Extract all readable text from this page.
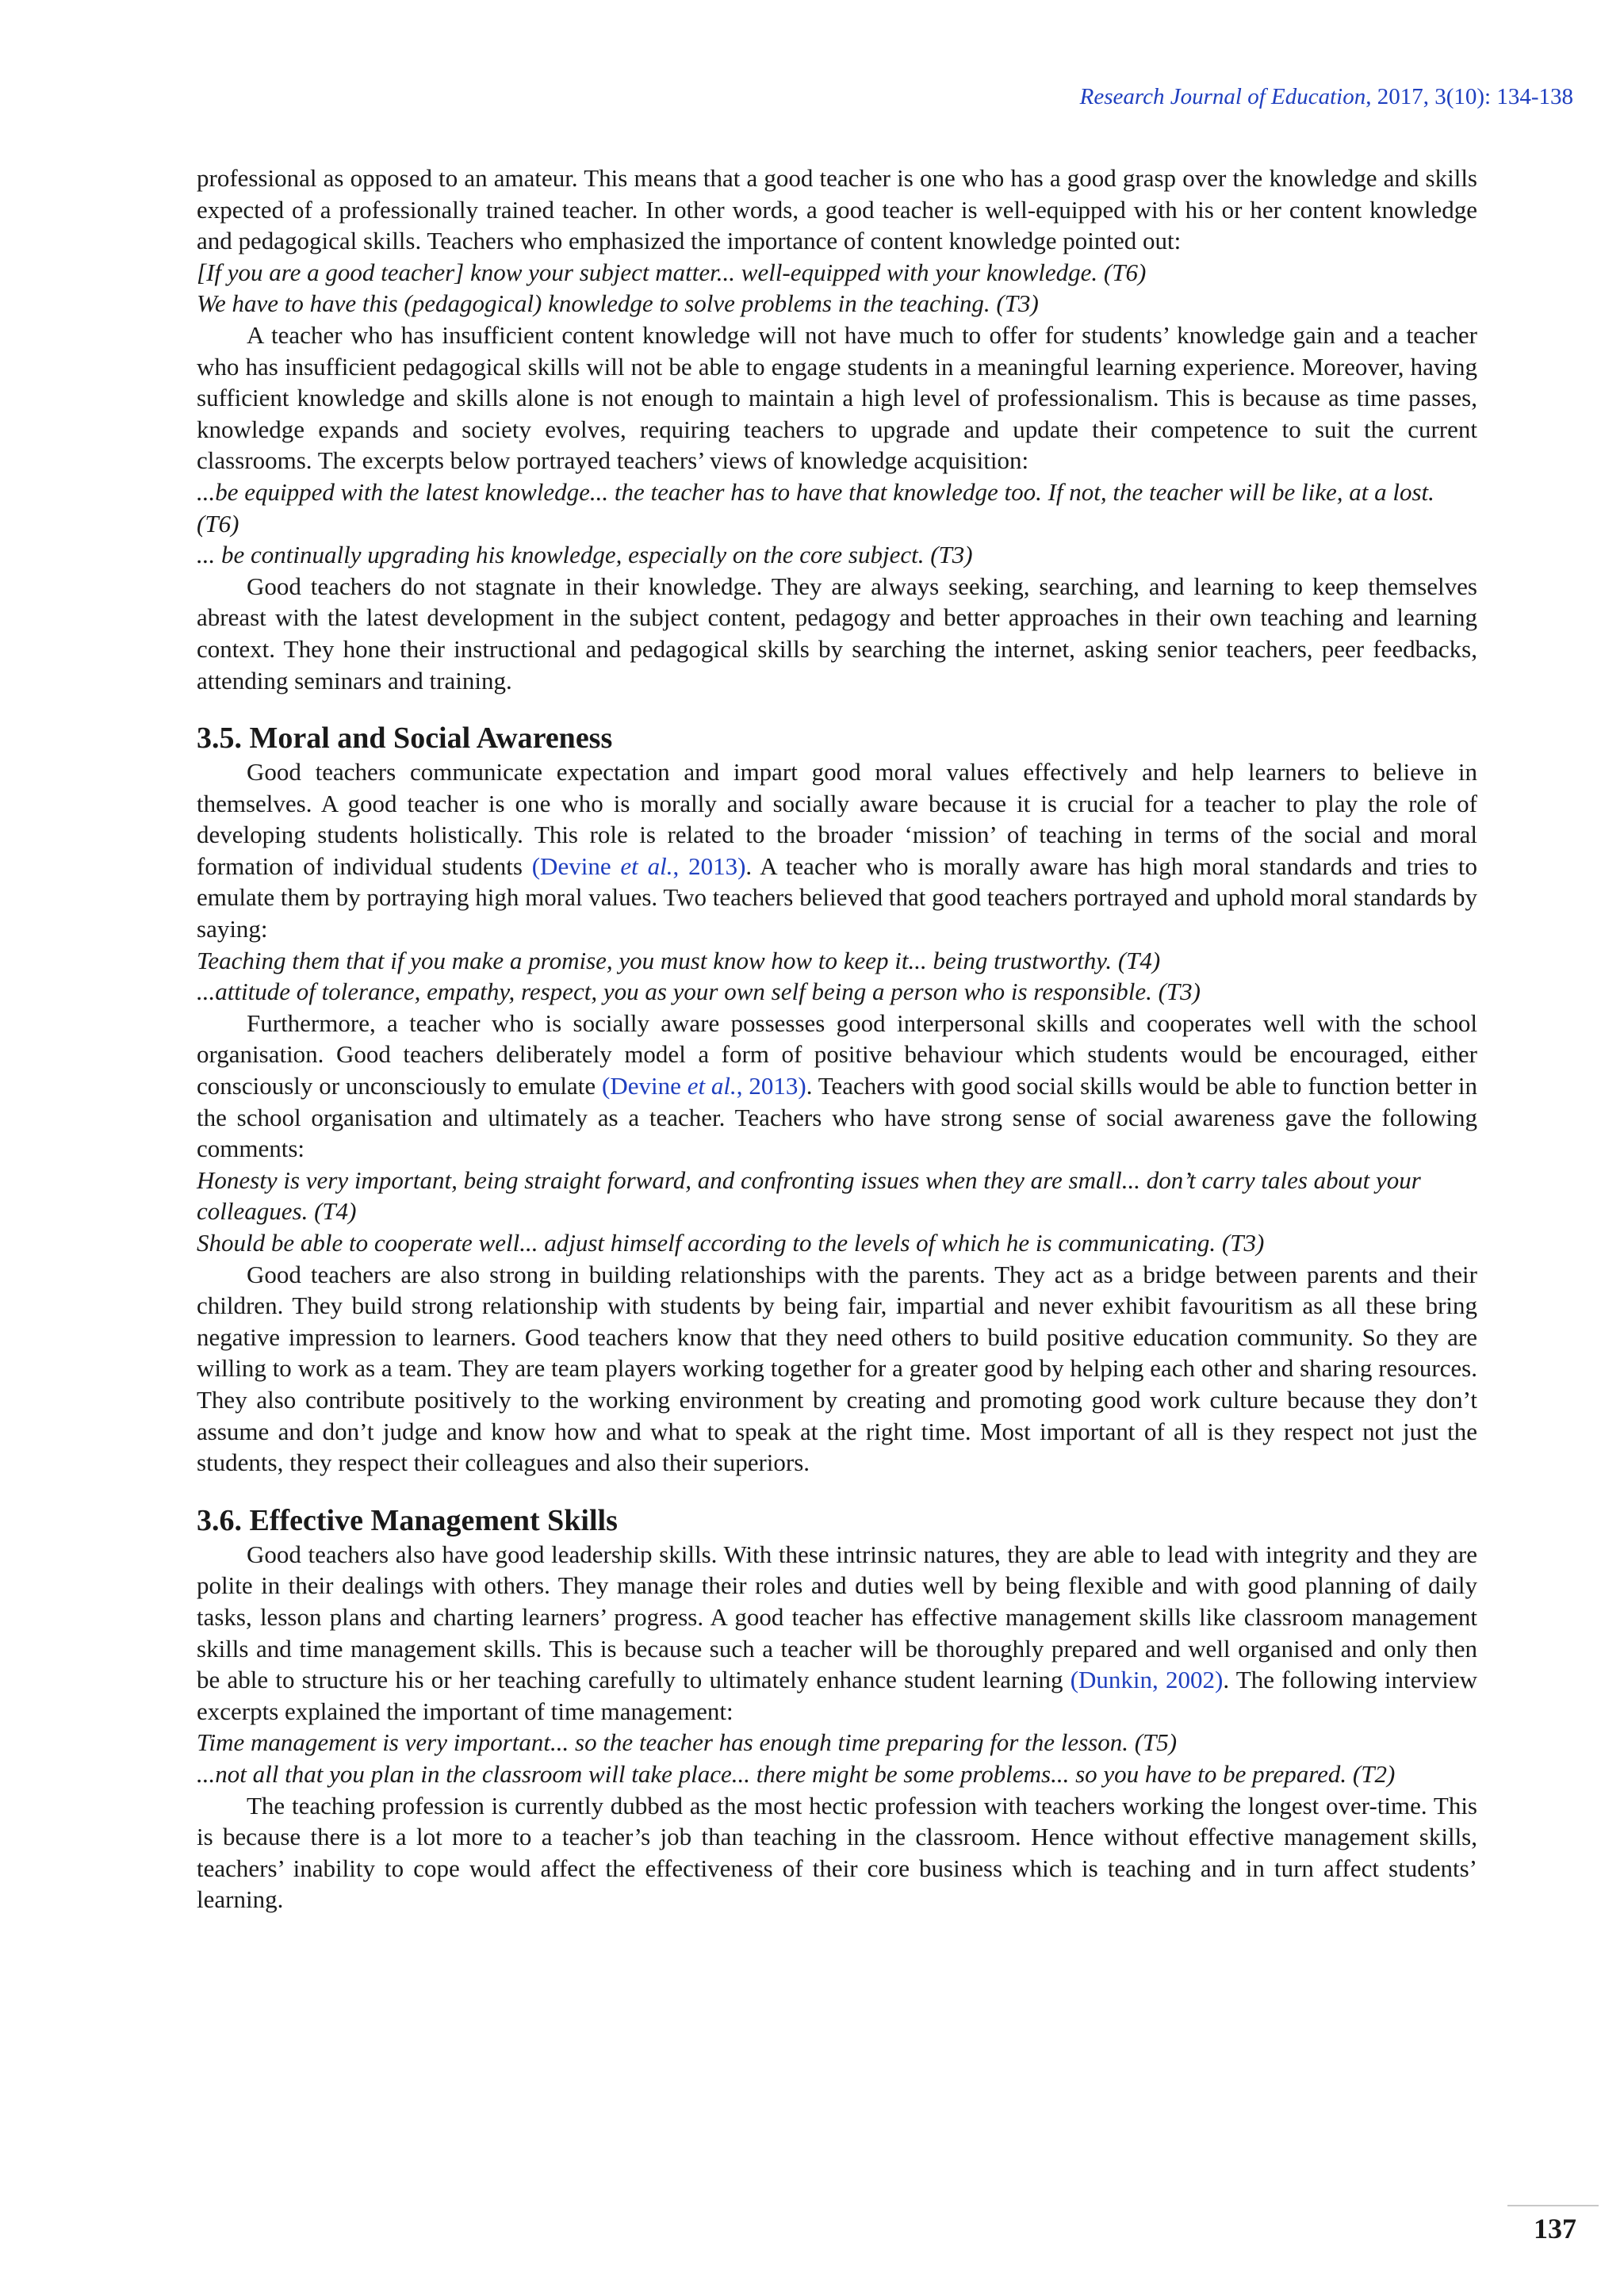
Research Journal of Education, 2017, 3(10): 134-138

professional as opposed to an amateur. This means that a good teacher is one who has a good grasp over the knowledge and skills expected of a professionally trained teacher. In other words, a good teacher is well-equipped with his or her content knowledge and pedagogical skills. Teachers who emphasized the importance of content knowledge pointed out:

[If you are a good teacher] know your subject matter... well-equipped with your knowledge. (T6)

We have to have this (pedagogical) knowledge to solve problems in the teaching. (T3)

A teacher who has insufficient content knowledge will not have much to offer for students’ knowledge gain and a teacher who has insufficient pedagogical skills will not be able to engage students in a meaningful learning experience. Moreover, having sufficient knowledge and skills alone is not enough to maintain a high level of professionalism. This is because as time passes, knowledge expands and society evolves, requiring teachers to upgrade and update their competence to suit the current classrooms. The excerpts below portrayed teachers’ views of knowledge acquisition:

...be equipped with the latest knowledge... the teacher has to have that knowledge too. If not, the teacher will be like, at a lost. (T6)

... be continually upgrading his knowledge, especially on the core subject. (T3)

Good teachers do not stagnate in their knowledge. They are always seeking, searching, and learning to keep themselves abreast with the latest development in the subject content, pedagogy and better approaches in their own teaching and learning context. They hone their instructional and pedagogical skills by searching the internet, asking senior teachers, peer feedbacks, attending seminars and training.

3.5. Moral and Social Awareness

Good teachers communicate expectation and impart good moral values effectively and help learners to believe in themselves. A good teacher is one who is morally and socially aware because it is crucial for a teacher to play the role of developing students holistically. This role is related to the broader ‘mission’ of teaching in terms of the social and moral formation of individual students (Devine et al., 2013). A teacher who is morally aware has high moral standards and tries to emulate them by portraying high moral values. Two teachers believed that good teachers portrayed and uphold moral standards by saying:

Teaching them that if you make a promise, you must know how to keep it... being trustworthy. (T4)

...attitude of tolerance, empathy, respect, you as your own self being a person who is responsible. (T3)

Furthermore, a teacher who is socially aware possesses good interpersonal skills and cooperates well with the school organisation. Good teachers deliberately model a form of positive behaviour which students would be encouraged, either consciously or unconsciously to emulate (Devine et al., 2013). Teachers with good social skills would be able to function better in the school organisation and ultimately as a teacher. Teachers who have strong sense of social awareness gave the following comments:

Honesty is very important, being straight forward, and confronting issues when they are small... don’t carry tales about your colleagues. (T4)

Should be able to cooperate well... adjust himself according to the levels of which he is communicating. (T3)

Good teachers are also strong in building relationships with the parents. They act as a bridge between parents and their children. They build strong relationship with students by being fair, impartial and never exhibit favouritism as all these bring negative impression to learners. Good teachers know that they need others to build positive education community. So they are willing to work as a team. They are team players working together for a greater good by helping each other and sharing resources. They also contribute positively to the working environment by creating and promoting good work culture because they don’t assume and don’t judge and know how and what to speak at the right time. Most important of all is they respect not just the students, they respect their colleagues and also their superiors.

3.6. Effective Management Skills

Good teachers also have good leadership skills. With these intrinsic natures, they are able to lead with integrity and they are polite in their dealings with others. They manage their roles and duties well by being flexible and with good planning of daily tasks, lesson plans and charting learners’ progress. A good teacher has effective management skills like classroom management skills and time management skills. This is because such a teacher will be thoroughly prepared and well organised and only then be able to structure his or her teaching carefully to ultimately enhance student learning (Dunkin, 2002). The following interview excerpts explained the important of time management:

Time management is very important... so the teacher has enough time preparing for the lesson. (T5)

...not all that you plan in the classroom will take place... there might be some problems... so you have to be prepared. (T2)

The teaching profession is currently dubbed as the most hectic profession with teachers working the longest over-time. This is because there is a lot more to a teacher’s job than teaching in the classroom. Hence without effective management skills, teachers’ inability to cope would affect the effectiveness of their core business which is teaching and in turn affect students’ learning.

137
